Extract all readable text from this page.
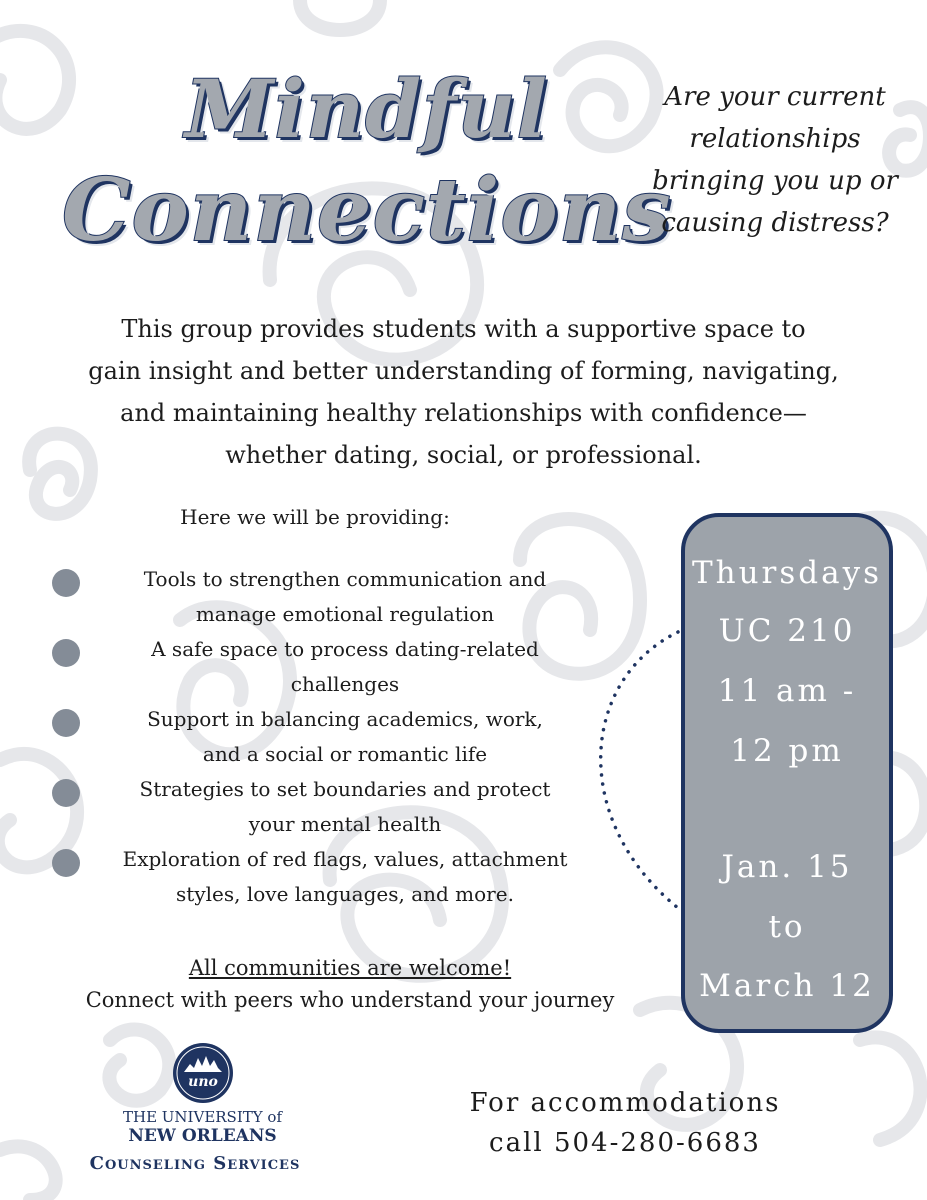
Mindful
Connections
Are your current
relationships
bringing you up or
causing distress?
This group provides students with a supportive space to
gain insight and better understanding of forming, navigating,
and maintaining healthy relationships with confidence—
whether dating, social, or professional.
Here we will be providing:
Tools to strengthen communication and
manage emotional regulation
A safe space to process dating-related
challenges
Support in balancing academics, work,
and a social or romantic life
Strategies to set boundaries and protect
your mental health
Exploration of red flags, values, attachment
styles, love languages, and more.
Thursdays
UC 210
11 am -
12 pm
Jan. 15
to
March 12
All communities are welcome!
Connect with peers who understand your journey
uno
THE UNIVERSITY of
NEW ORLEANS
Counseling Services
For accommodations
call 504-280-6683
